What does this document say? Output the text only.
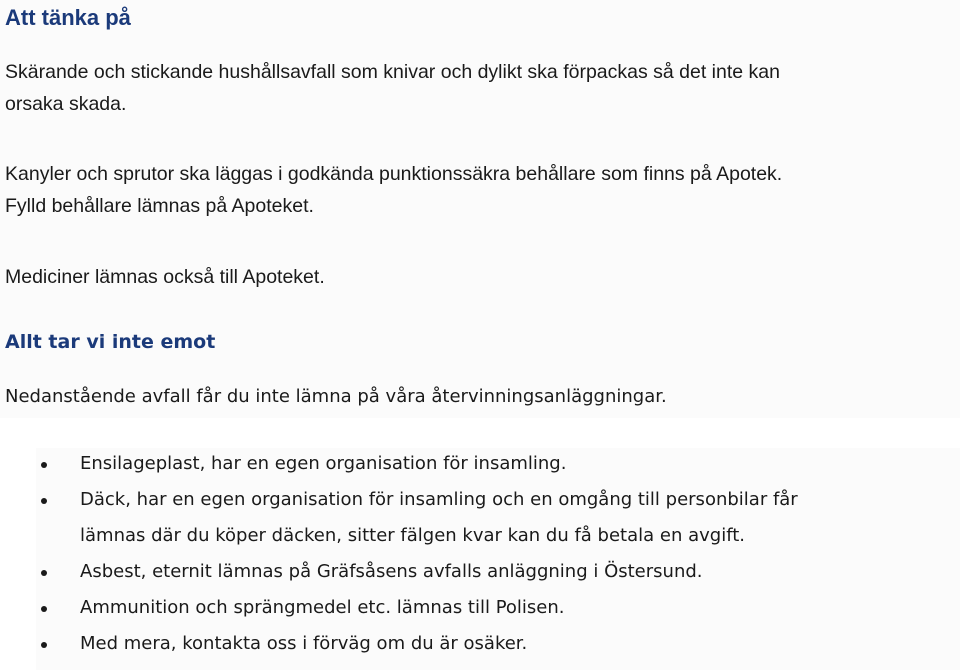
Att tänka på

Skärande och stickande hushållsavfall som knivar och dylikt ska förpackas så det inte kan
orsaka skada.

Kanyler och sprutor ska läggas i godkända punktionssäkra behållare som finns på Apotek.
Fylld behållare lämnas på Apoteket.

Mediciner lämnas också till Apoteket.

Allt tar vi inte emot

Nedanstående avfall får du inte lämna på våra återvinningsanläggningar.

Ensilageplast, har en egen organisation för insamling.
Däck, har en egen organisation för insamling och en omgång till personbilar får
lämnas där du köper däcken, sitter fälgen kvar kan du få betala en avgift.
Asbest, eternit lämnas på Gräfsåsens avfalls anläggning i Östersund.
Ammunition och sprängmedel etc. lämnas till Polisen.
Med mera, kontakta oss i förväg om du är osäker.
